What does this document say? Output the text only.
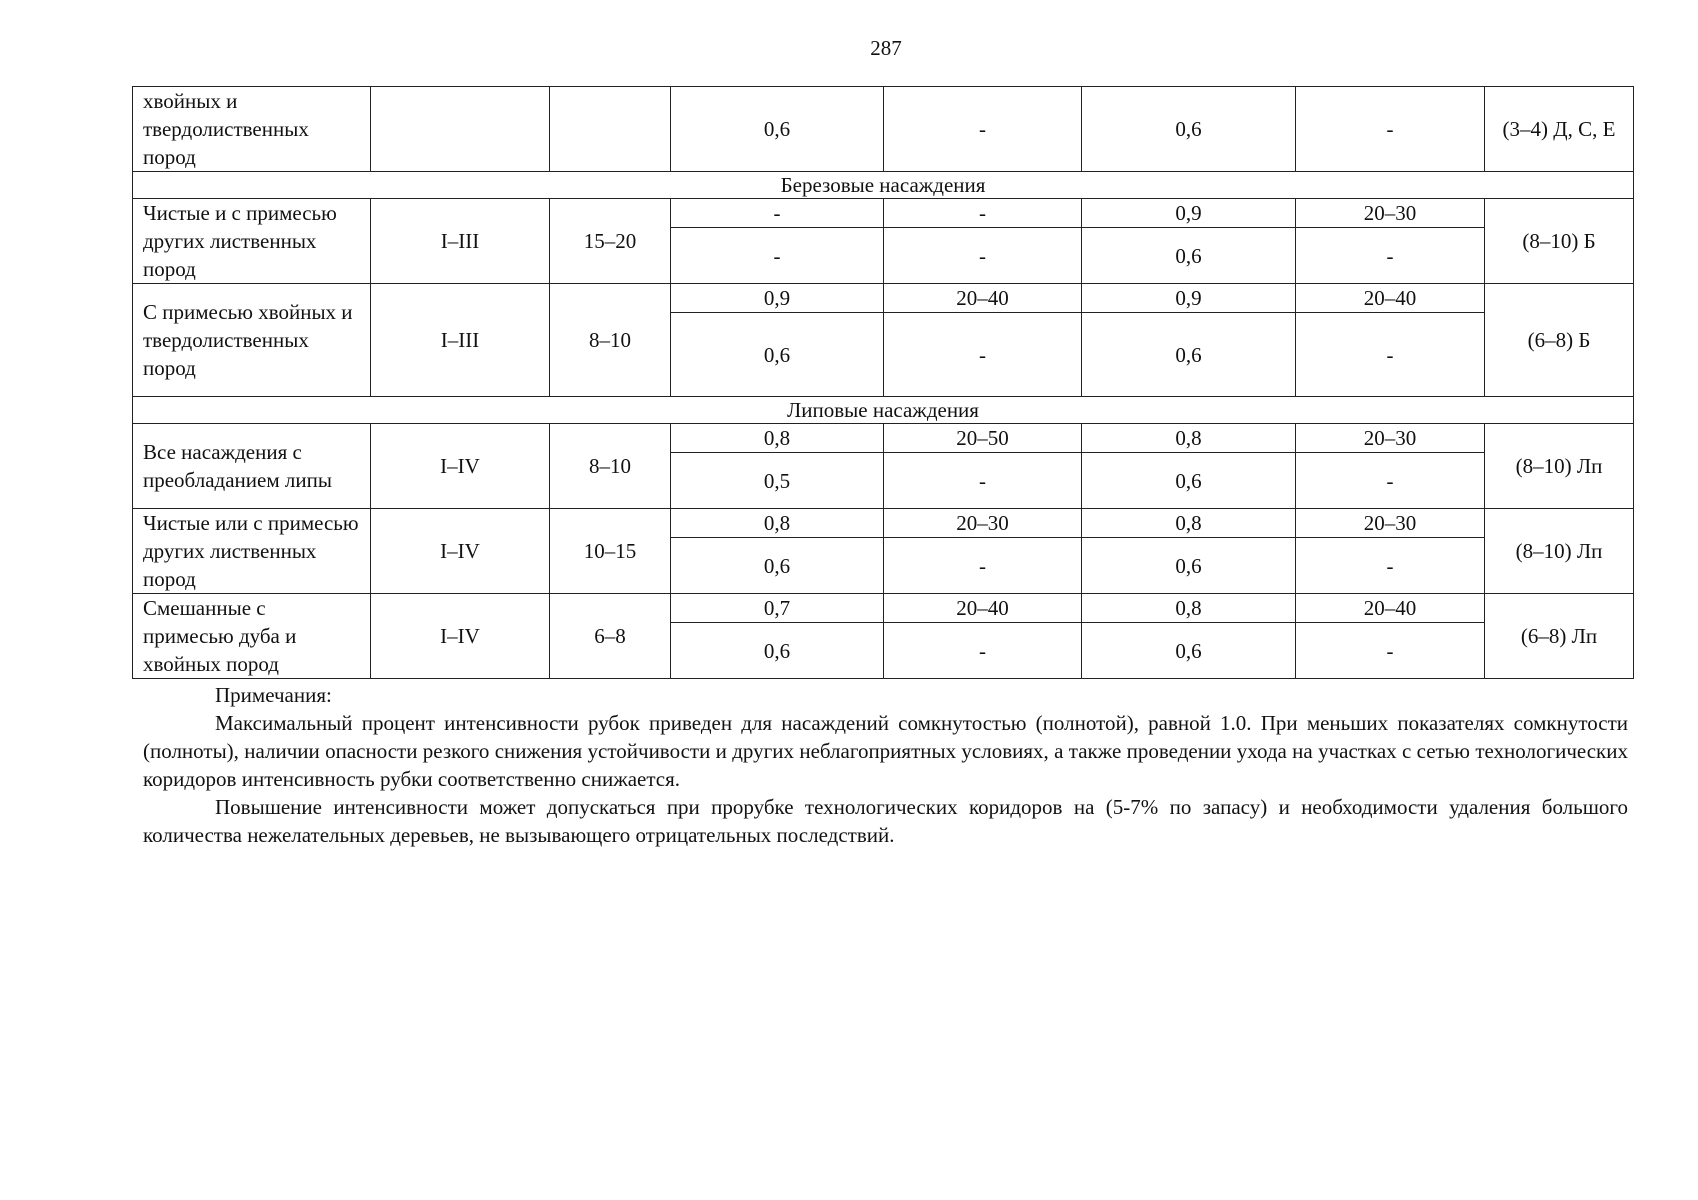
287
хвойных и твердолиственных пород			0,6	-	0,6	-	(3–4) Д, С, Е
Березовые насаждения							
Чистые и с примесью других лиственных пород	I–III	15–20	-	-	0,9	20–30	(8–10) Б
			-	-	0,6	-	
С примесью хвойных и твердолиственных пород	I–III	8–10	0,9	20–40	0,9	20–40	(6–8) Б
			0,6	-	0,6	-	
Липовые насаждения							
Все насаждения с преобладанием липы	I–IV	8–10	0,8	20–50	0,8	20–30	(8–10) Лп
			0,5	-	0,6	-	
Чистые или с примесью других лиственных пород	I–IV	10–15	0,8	20–30	0,8	20–30	(8–10) Лп
			0,6	-	0,6	-	
Смешанные с примесью дуба и хвойных пород	I–IV	6–8	0,7	20–40	0,8	20–40	(6–8) Лп
			0,6	-	0,6	-	

Примечания:

Максимальный процент интенсивности рубок приведен для насаждений сомкнутостью (полнотой), равной 1.0. При меньших показателях сомкнутости (полноты), наличии опасности резкого снижения устойчивости и других неблагоприятных условиях, а также проведении ухода на участках с сетью технологических коридоров интенсивность рубки соответственно снижается.

Повышение интенсивности может допускаться при прорубке технологических коридоров на (5-7% по запасу) и необходимости удаления большого количества нежелательных деревьев, не вызывающего отрицательных последствий.
